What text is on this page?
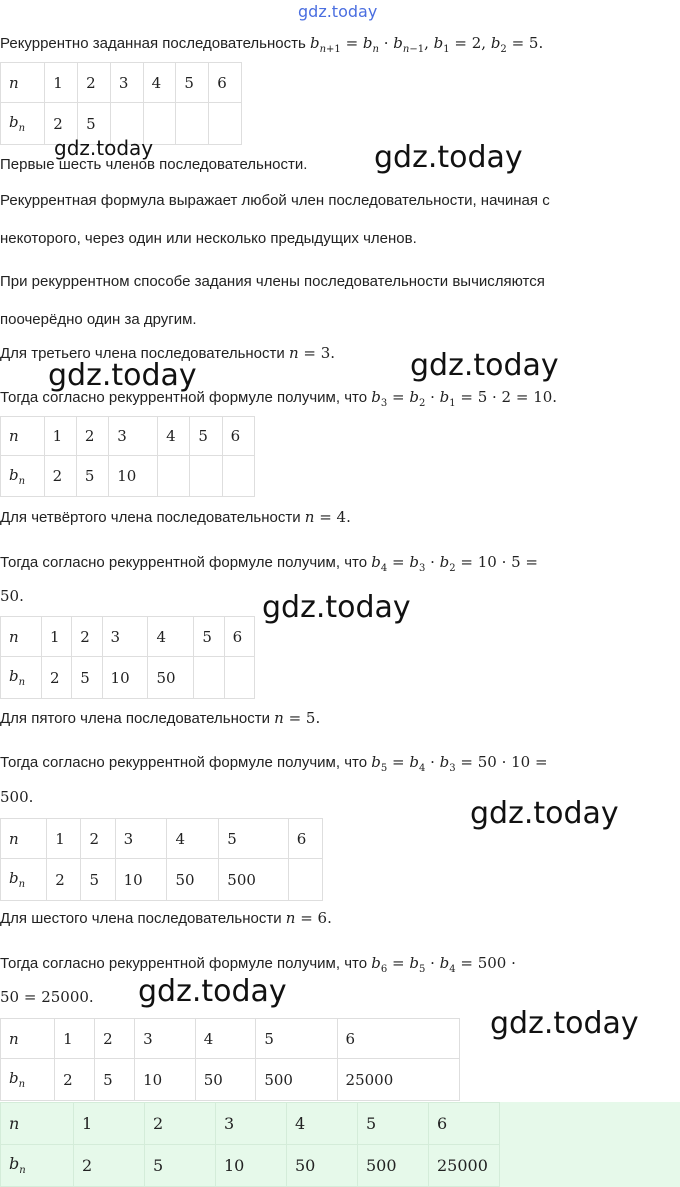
gdz.today
Рекуррентно заданная последовательность $b_{n+1} = b_n \cdot b_{n-1}$, $b_1 = 2$, $b_2 = 5$.
n	1	2	3	4	5	6
$b_n$	2	5				
gdz.today
Первые шесть членов последовательности. gdz.today
Рекуррентная формула выражает любой член последовательности, начиная с
некоторого, через один или несколько предыдущих членов.
При рекуррентном способе задания члены последовательности вычисляются
поочерёдно один за другим.
Для третьего члена последовательности n = 3. gdz.today
gdz.today
Тогда согласно рекуррентной формуле получим, что $b_3 = b_2 \cdot b_1 = 5 \cdot 2 = 10$.
n	1	2	3	4	5	6
$b_n$	2	5	10			
Для четвёртого члена последовательности n = 4.
Тогда согласно рекуррентной формуле получим, что $b_4 = b_3 \cdot b_2 = 10 \cdot 5$ =
50.	gdz.today
n	1	2	3	4	5	6
$b_n$	2	5	10	50		
Для пятого члена последовательности n = 5.
Тогда согласно рекуррентной формуле получим, что $b_5 = b_4 \cdot b_3 = 50 \cdot 10$ =
500.	gdz.today
n	1	2	3	4	5	6
$b_n$	2	5	10	50	500	
Для шестого члена последовательности n = 6.
Тогда согласно рекуррентной формуле получим, что $b_6 = b_5 \cdot b_4 = 500$ ·
50 = 25000. gdz.today
gdz.today
n	1	2	3	4	5	6
$b_n$	2	5	10	50	500	25000
n	1	2	3	4	5	6	
$b_n$	2	5	10	50	500	25000	
